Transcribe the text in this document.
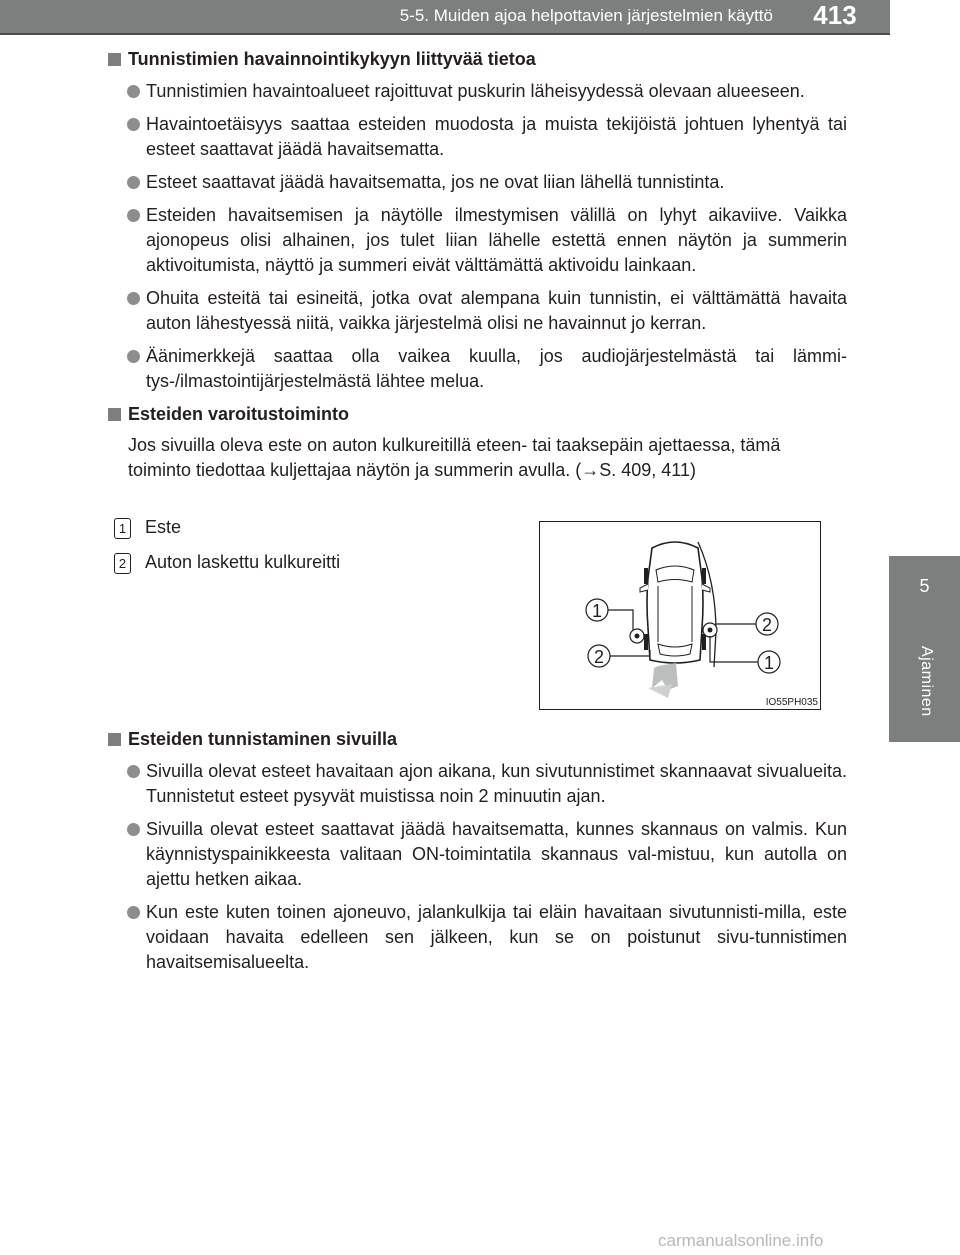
5-5. Muiden ajoa helpottavien järjestelmien käyttö	413
5
Ajaminen
Tunnistimien havainnointikykyyn liittyvää tietoa
Tunnistimien havaintoalueet rajoittuvat puskurin läheisyydessä olevaan alueeseen.
Havaintoetäisyys saattaa esteiden muodosta ja muista tekijöistä johtuen lyhentyä tai esteet saattavat jäädä havaitsematta.
Esteet saattavat jäädä havaitsematta, jos ne ovat liian lähellä tunnistinta.
Esteiden havaitsemisen ja näytölle ilmestymisen välillä on lyhyt aikaviive. Vaikka ajonopeus olisi alhainen, jos tulet liian lähelle estettä ennen näytön ja summerin aktivoitumista, näyttö ja summeri eivät välttämättä aktivoidu lainkaan.
Ohuita esteitä tai esineitä, jotka ovat alempana kuin tunnistin, ei välttämättä havaita auton lähestyessä niitä, vaikka järjestelmä olisi ne havainnut jo kerran.
Äänimerkkejä saattaa olla vaikea kuulla, jos audiojärjestelmästä tai lämmi-tys-/ilmastointijärjestelmästä lähtee melua.
Esteiden varoitustoiminto
Jos sivuilla oleva este on auton kulkureitillä eteen- tai taaksepäin ajettaessa, tämä toiminto tiedottaa kuljettajaa näytön ja summerin avulla. (→S. 409, 411)
1 Este
2 Auton laskettu kulkureitti
1
2
2
1
IO55PH035
Esteiden tunnistaminen sivuilla
Sivuilla olevat esteet havaitaan ajon aikana, kun sivutunnistimet skannaavat sivualueita. Tunnistetut esteet pysyvät muistissa noin 2 minuutin ajan.
Sivuilla olevat esteet saattavat jäädä havaitsematta, kunnes skannaus on valmis. Kun käynnistyspainikkeesta valitaan ON-toimintatila skannaus val-mistuu, kun autolla on ajettu hetken aikaa.
Kun este kuten toinen ajoneuvo, jalankulkija tai eläin havaitaan sivutunnisti-milla, este voidaan havaita edelleen sen jälkeen, kun se on poistunut sivu-tunnistimen havaitsemisalueelta.
carmanualsonline.info
